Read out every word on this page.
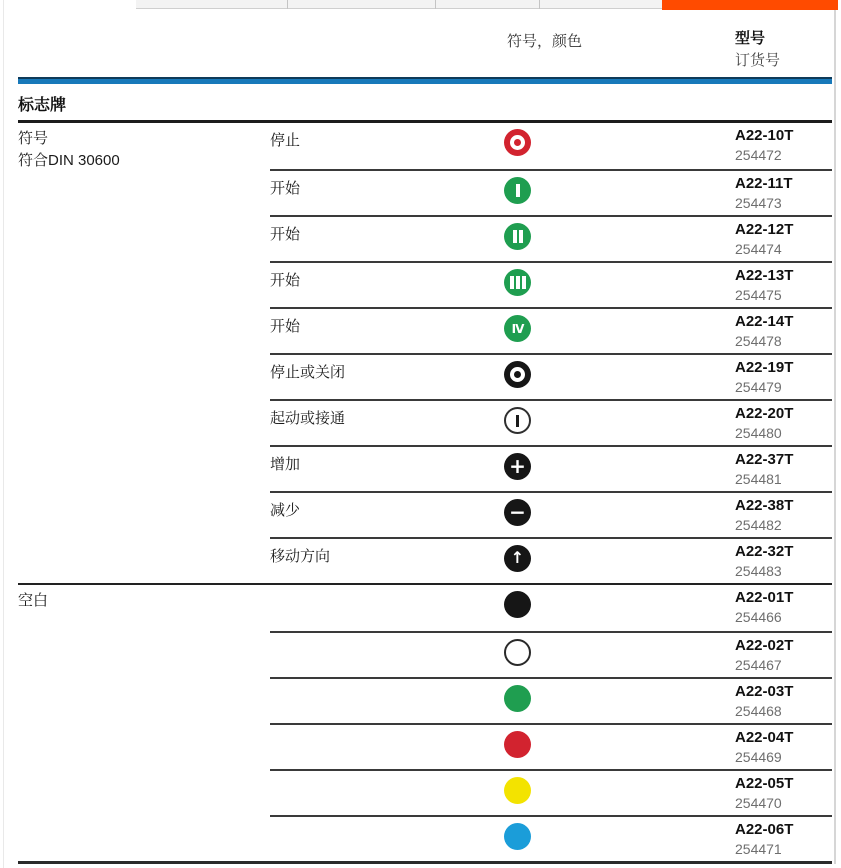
符号，颜色	型号
订货号
标志牌
符号
符合DIN 30600
停止	A22-10T
254472
开始	A22-11T
254473
开始	A22-12T
254474
开始	A22-13T
254475
开始	IV	A22-14T
254478
停止或关闭	A22-19T
254479
起动或接通	A22-20T
254480
增加	+	A22-37T
254481
减少	−	A22-38T
254482
移动方向	↑	A22-32T
254483
空白	A22-01T
254466
A22-02T
254467
A22-03T
254468
A22-04T
254469
A22-05T
254470
A22-06T
254471
